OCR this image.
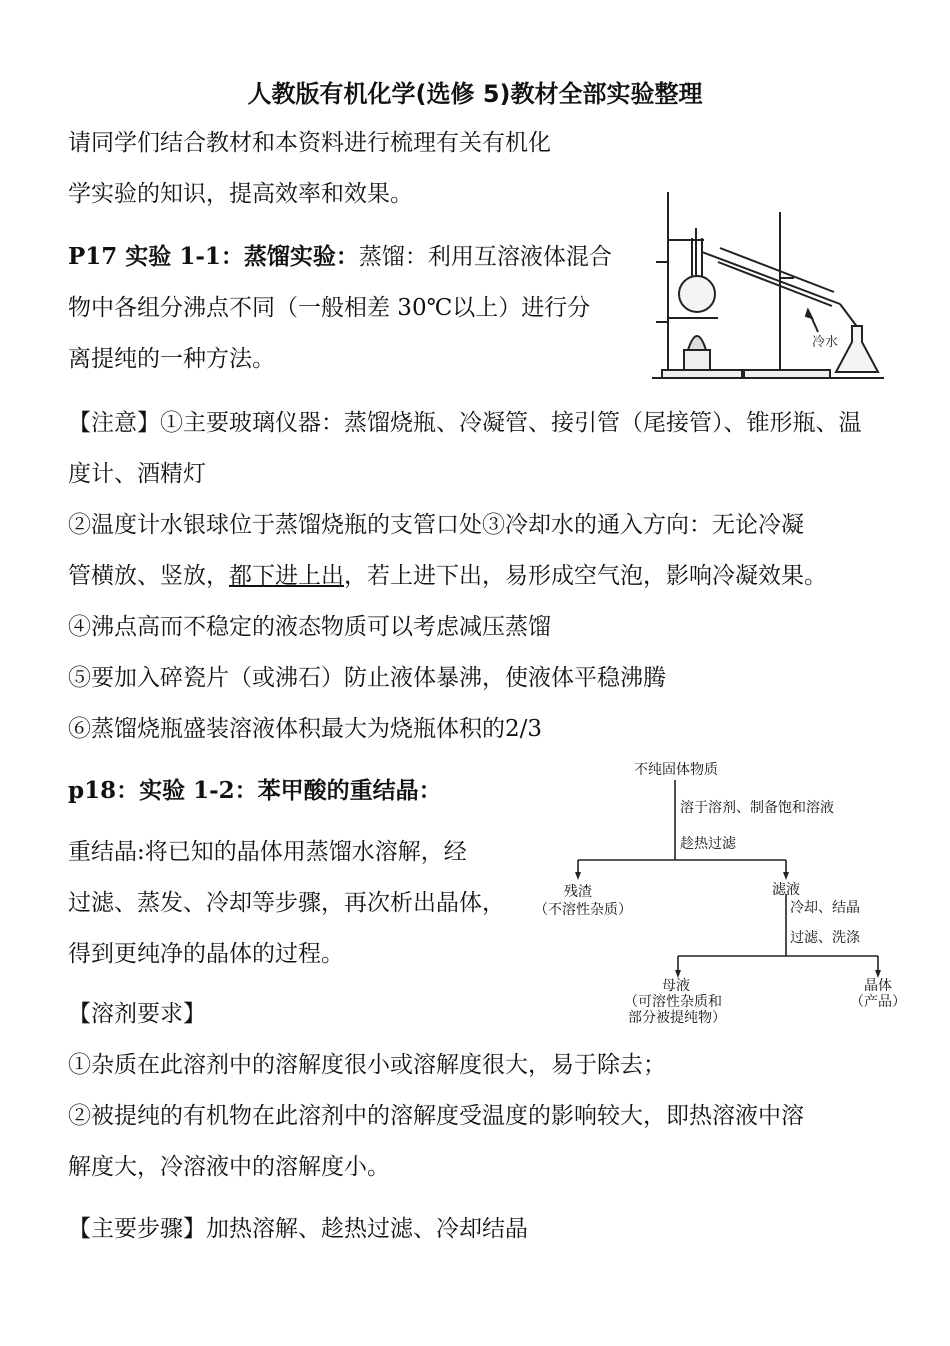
人教版有机化学(选修 5)教材全部实验整理
请同学们结合教材和本资料进行梳理有关有机化
学实验的知识，提高效率和效果。
P17 实验 1-1：蒸馏实验：蒸馏：利用互溶液体混合
物中各组分沸点不同（一般相差 30℃以上）进行分
离提纯的一种方法。
冷水
【注意】①主要玻璃仪器：蒸馏烧瓶、冷凝管、接引管（尾接管）、锥形瓶、温
度计、酒精灯
②温度计水银球位于蒸馏烧瓶的支管口处③冷却水的通入方向：无论冷凝
管横放、竖放，都下进上出，若上进下出，易形成空气泡，影响冷凝效果。
④沸点高而不稳定的液态物质可以考虑减压蒸馏
⑤要加入碎瓷片（或沸石）防止液体暴沸，使液体平稳沸腾
⑥蒸馏烧瓶盛装溶液体积最大为烧瓶体积的2/3
p18：实验 1-2：苯甲酸的重结晶：
重结晶:将已知的晶体用蒸馏水溶解，经
过滤、蒸发、冷却等步骤，再次析出晶体，
得到更纯净的晶体的过程。
不纯固体物质
溶于溶剂、制备饱和溶液
趁热过滤
残渣
（不溶性杂质）
滤液
冷却、结晶
过滤、洗涤
母液
（可溶性杂质和
部分被提纯物）
晶体
（产品）
【溶剂要求】
①杂质在此溶剂中的溶解度很小或溶解度很大，易于除去；
②被提纯的有机物在此溶剂中的溶解度受温度的影响较大，即热溶液中溶
解度大，冷溶液中的溶解度小。
【主要步骤】加热溶解、趁热过滤、冷却结晶
